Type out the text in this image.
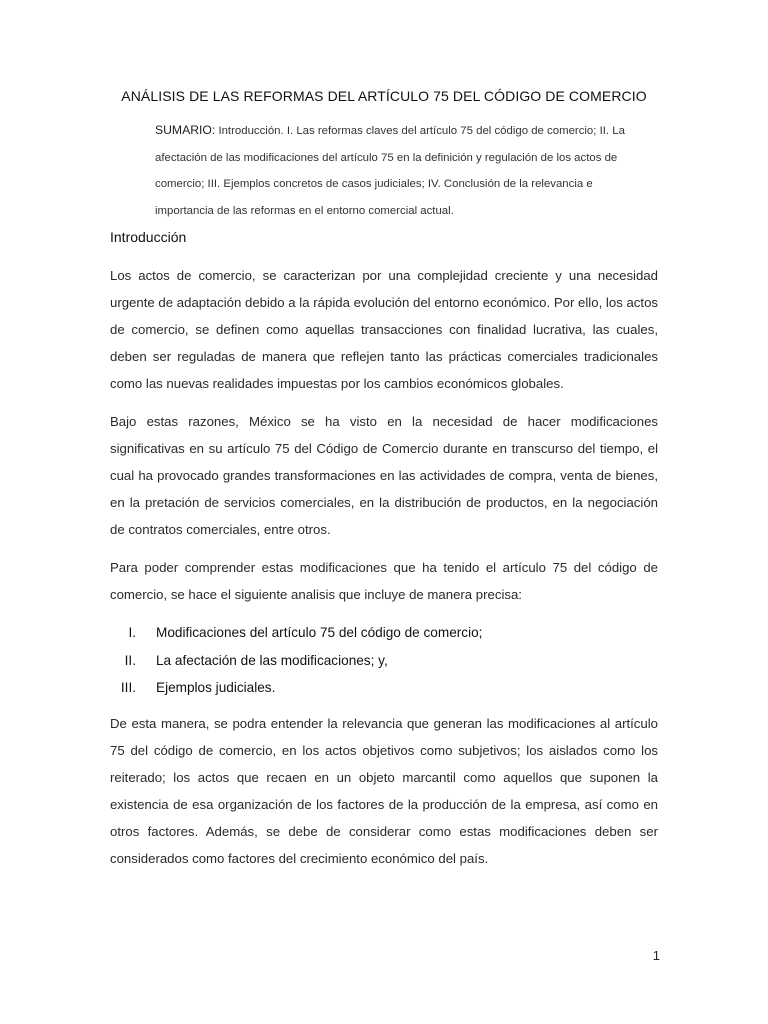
ANÁLISIS DE LAS REFORMAS DEL ARTÍCULO 75 DEL CÓDIGO DE COMERCIO
SUMARIO: Introducción. I. Las reformas claves del artículo 75 del código de comercio; II. La afectación de las modificaciones del artículo 75 en la definición y regulación de los actos de comercio; III. Ejemplos concretos de casos judiciales; IV. Conclusión de la relevancia e importancia de las reformas en el entorno comercial actual.
Introducción

Los actos de comercio, se caracterizan por una complejidad creciente y una necesidad urgente de adaptación debido a la rápida evolución del entorno económico. Por ello, los actos de comercio, se definen como aquellas transacciones con finalidad lucrativa, las cuales, deben ser reguladas de manera que reflejen tanto las prácticas comerciales tradicionales como las nuevas realidades impuestas por los cambios económicos globales.

Bajo estas razones, México se ha visto en la necesidad de hacer modificaciones significativas en su artículo 75 del Código de Comercio durante en transcurso del tiempo, el cual ha provocado grandes transformaciones en las actividades de compra, venta de bienes, en la pretación de servicios comerciales, en la distribución de productos, en la negociación de contratos comerciales, entre otros.

Para poder comprender estas modificaciones que ha tenido el artículo 75 del código de comercio, se hace el siguiente analisis que incluye de manera precisa:

I. Modificaciones del artículo 75 del código de comercio;
II. La afectación de las modificaciones; y,
III. Ejemplos judiciales.

De esta manera, se podra entender la relevancia que generan las modificaciones al artículo 75 del código de comercio, en los actos objetivos como subjetivos; los aislados como los reiterado; los actos que recaen en un objeto marcantil como aquellos que suponen la existencia de esa organización de los factores de la producción de la empresa, así como en otros factores. Además, se debe de considerar como estas modificaciones deben ser considerados como factores del crecimiento económico del país.

1
